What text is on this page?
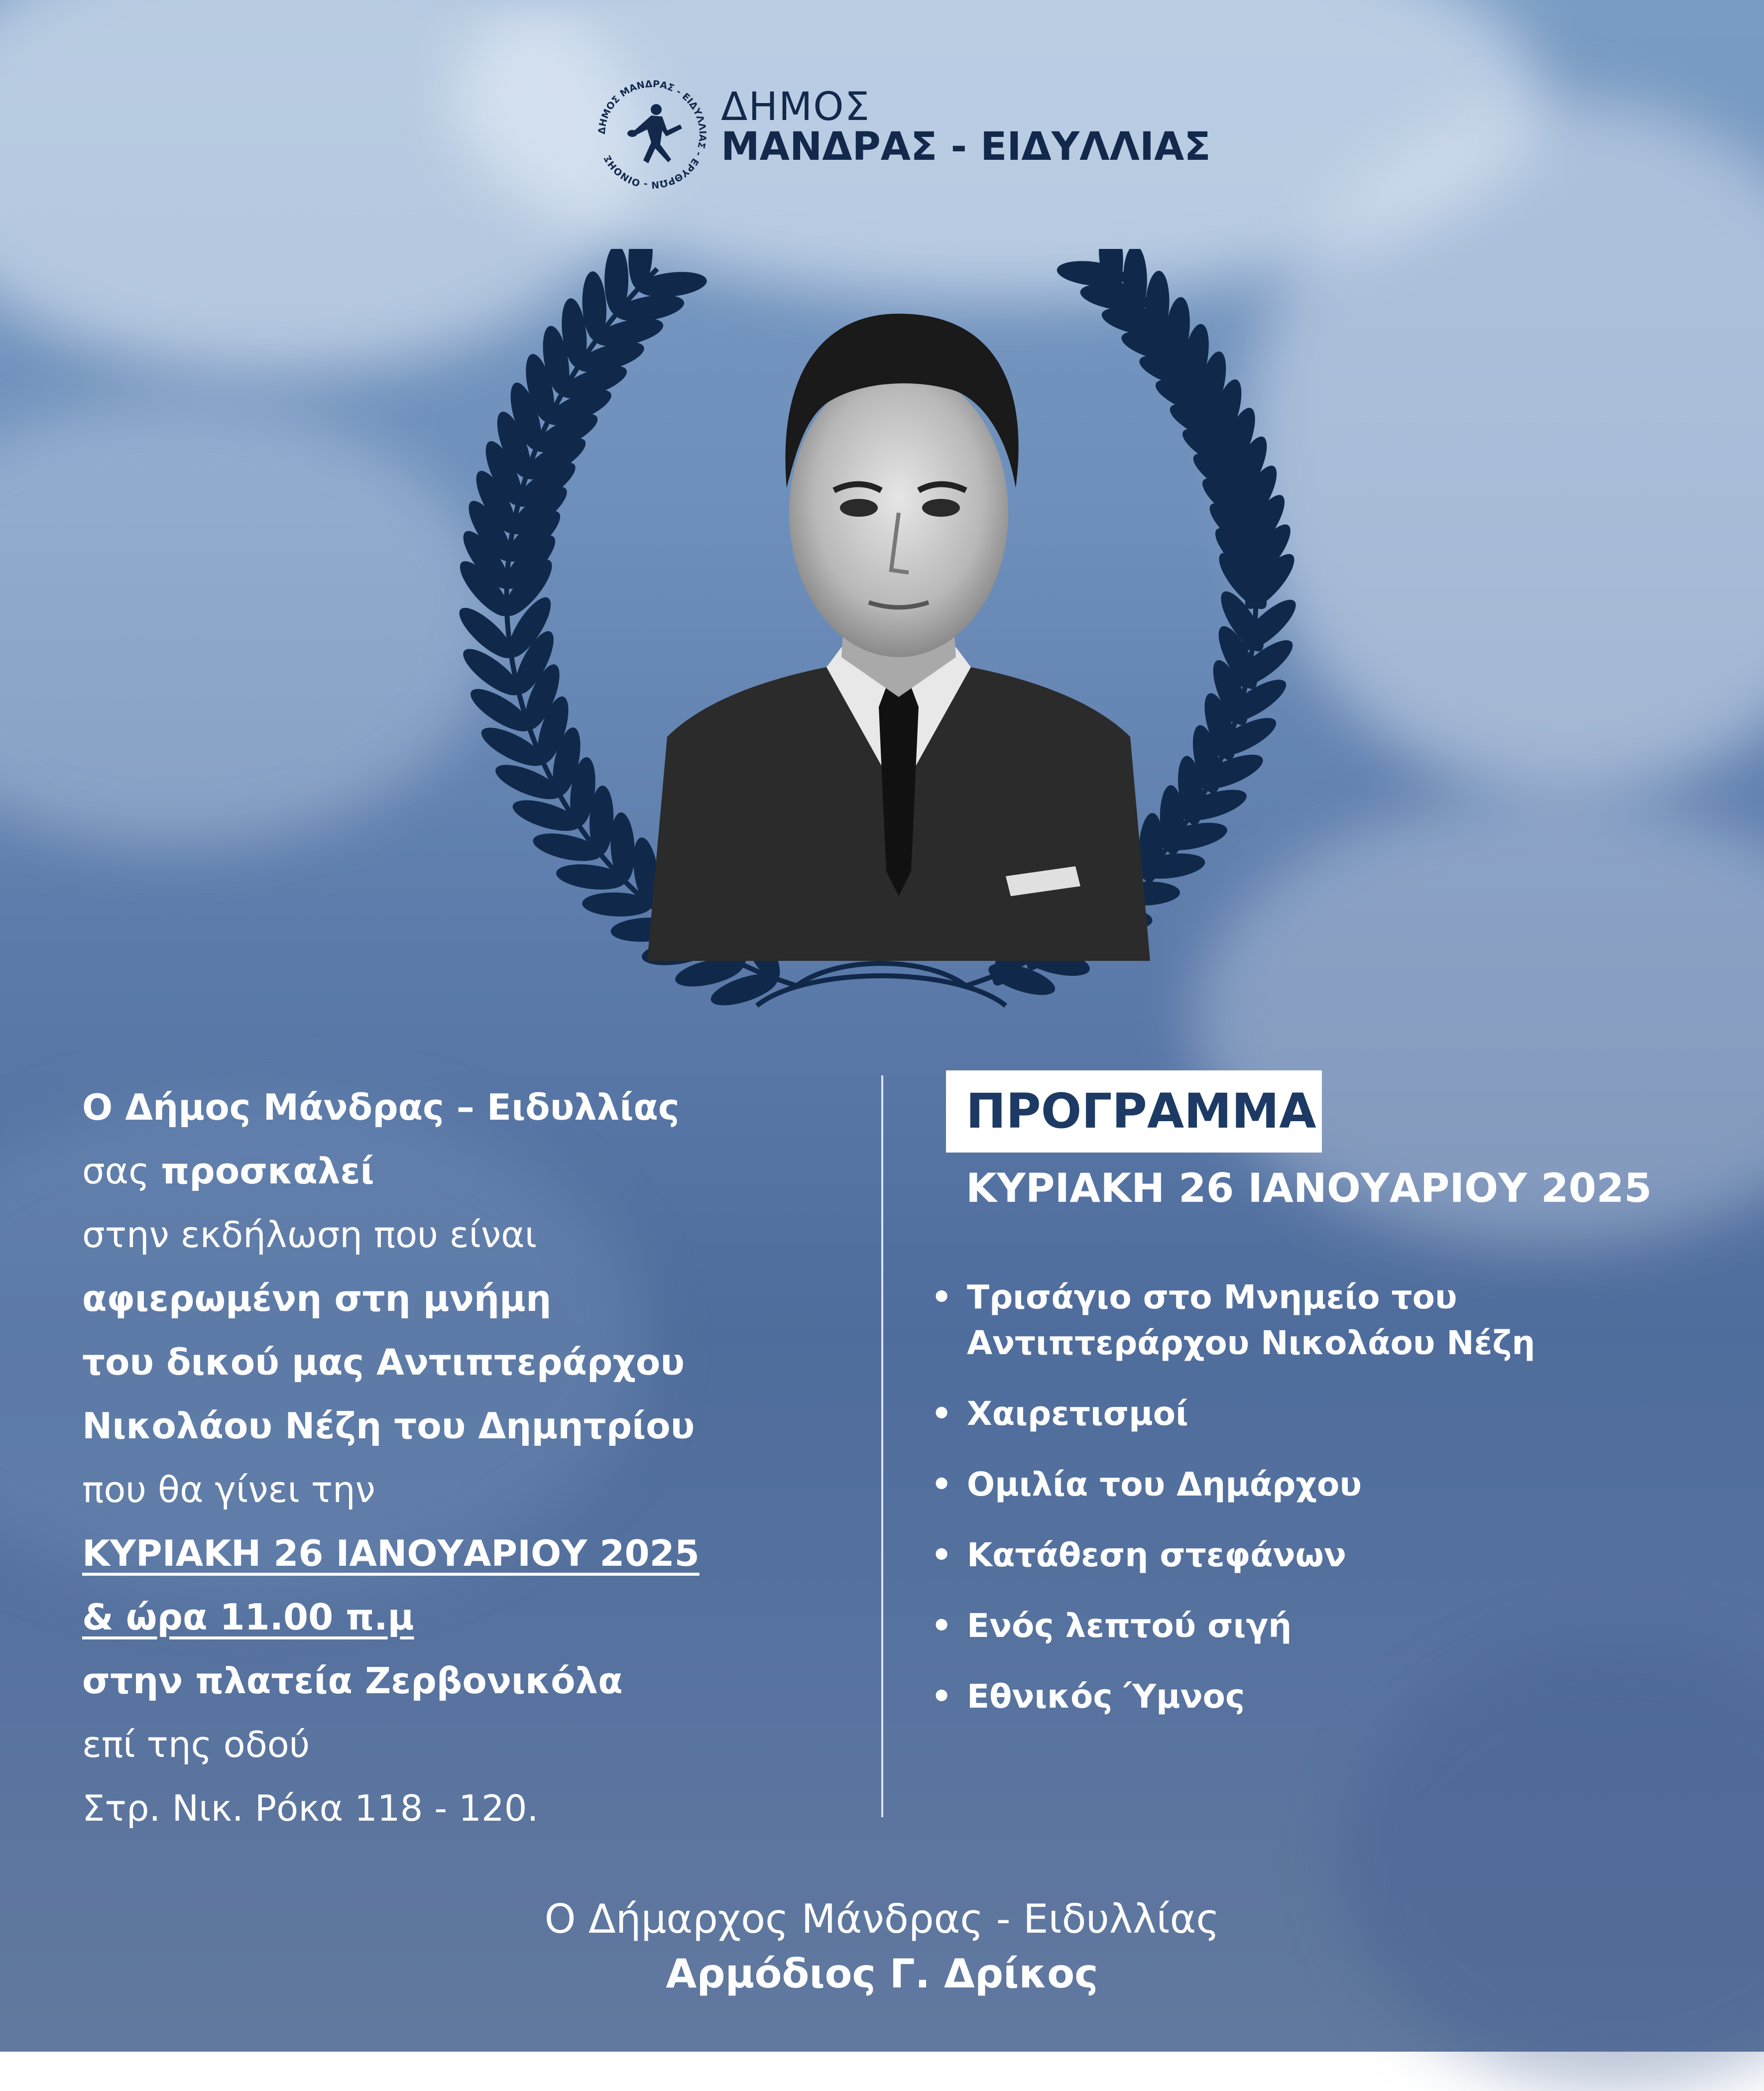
ΔΗΜΟΣ ΜΑΝΔΡΑΣ - ΕΙΔΥΛΛΙΑΣ - ΕΡΥΘΡΩΝ - ΟΙΝΟΗΣ
ΔΗΜΟΣ
ΜΑΝΔΡΑΣ - ΕΙΔΥΛΛΙΑΣ
Ο Δήμος Μάνδρας – Ειδυλλίας
σας προσκαλεί
στην εκδήλωση που είναι
αφιερωμένη στη μνήμη
του δικού μας Αντιπτεράρχου
Νικολάου Νέζη του Δημητρίου
που θα γίνει την
ΚΥΡΙΑΚΗ 26 ΙΑΝΟΥΑΡΙΟΥ 2025
& ώρα 11.00 π.μ
στην πλατεία Ζερβονικόλα
επί της οδού
Στρ. Νικ. Ρόκα 118 - 120.
ΠΡΟΓΡΑΜΜΑ
ΚΥΡΙΑΚΗ 26 ΙΑΝΟΥΑΡΙΟΥ 2025
• Τρισάγιο στο Μνημείο του
Αντιπτεράρχου Νικολάου Νέζη
• Χαιρετισμοί
• Ομιλία του Δημάρχου
• Κατάθεση στεφάνων
• Ενός λεπτού σιγή
• Εθνικός Ύμνος
Ο Δήμαρχος Μάνδρας - Ειδυλλίας
Αρμόδιος Γ. Δρίκος
